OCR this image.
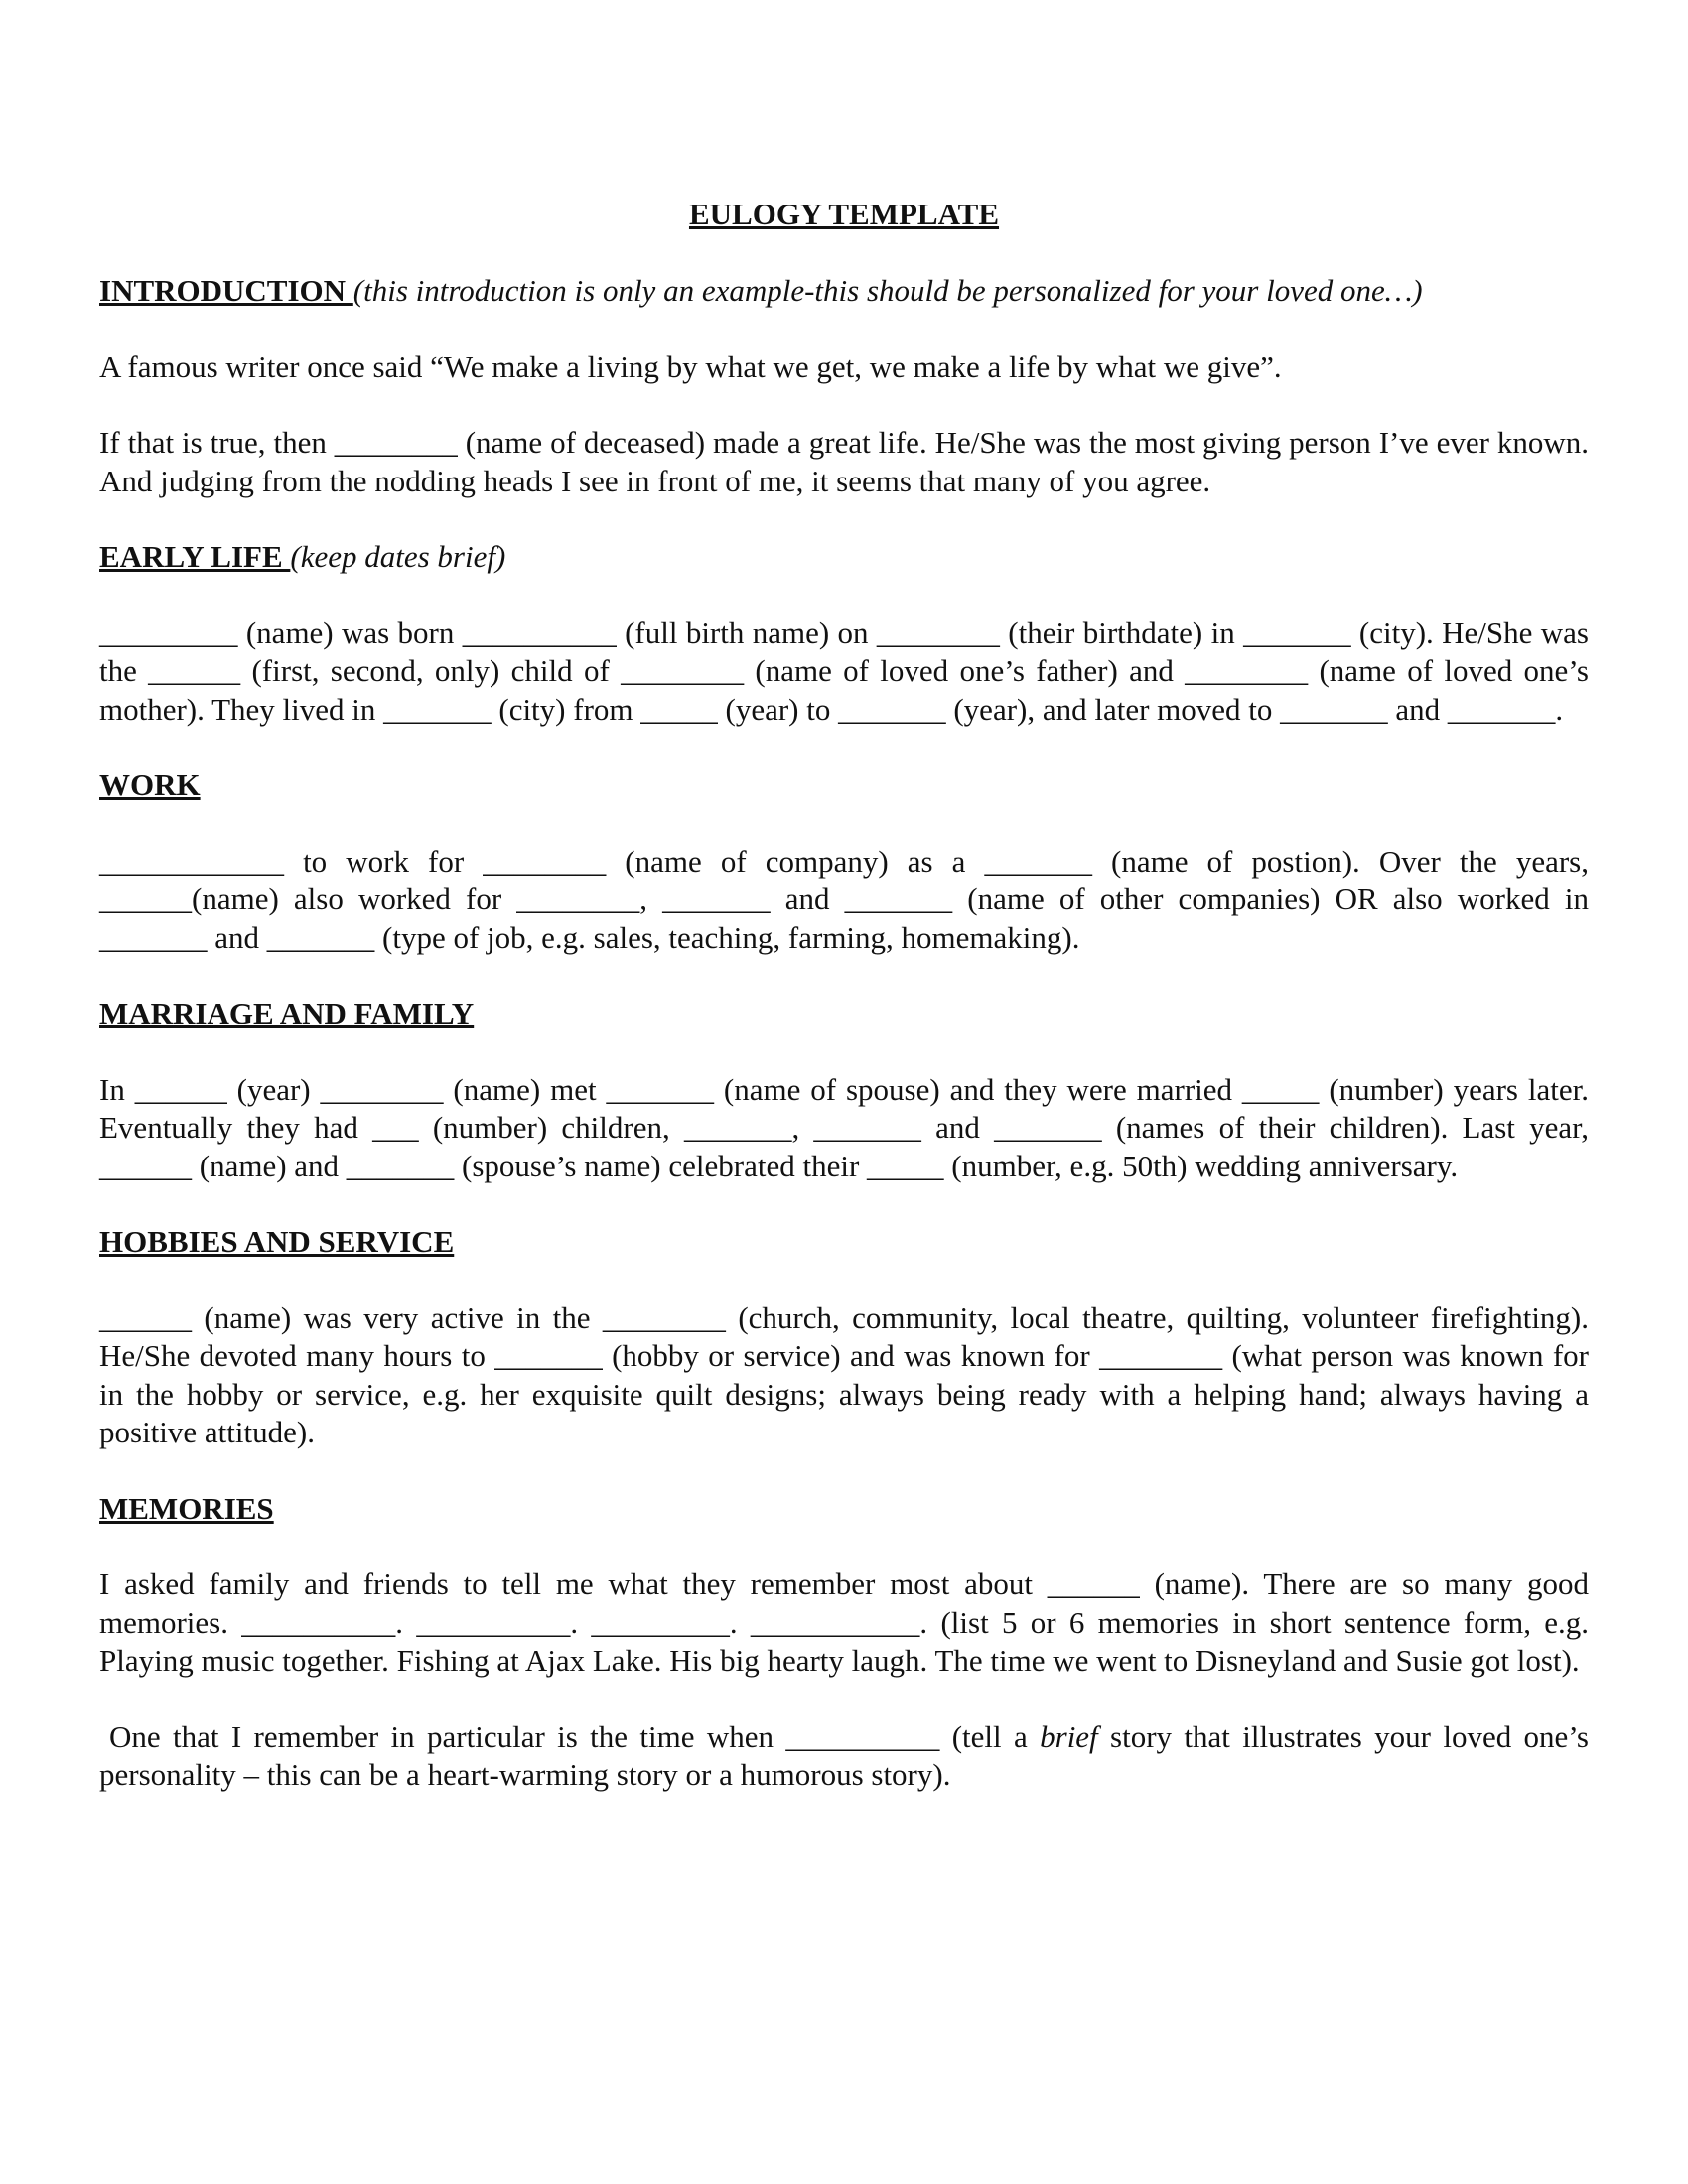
EULOGY TEMPLATE
INTRODUCTION (this introduction is only an example-this should be personalized for your loved one…)
A famous writer once said “We make a living by what we get, we make a life by what we give”.
If that is true, then ________ (name of deceased) made a great life. He/She was the most giving person I’ve ever known. And judging from the nodding heads I see in front of me, it seems that many of you agree.
EARLY LIFE (keep dates brief)
_________ (name) was born __________ (full birth name) on ________ (their birthdate) in _______ (city). He/She was the ______ (first, second, only) child of ________ (name of loved one’s father) and ________ (name of loved one’s mother). They lived in _______ (city) from _____ (year) to _______ (year), and later moved to _______ and _______.
WORK
____________ to work for ________ (name of company) as a _______ (name of postion). Over the years, ______(name) also worked for ________, _______ and _______ (name of other companies) OR also worked in _______ and _______ (type of job, e.g. sales, teaching, farming, homemaking).
MARRIAGE AND FAMILY
In ______ (year) ________ (name) met _______ (name of spouse) and they were married _____ (number) years later. Eventually they had ___ (number) children, _______, _______ and _______ (names of their children). Last year, ______ (name) and _______ (spouse’s name) celebrated their _____ (number, e.g. 50th) wedding anniversary.
HOBBIES AND SERVICE
______ (name) was very active in the ________ (church, community, local theatre, quilting, volunteer firefighting). He/She devoted many hours to _______ (hobby or service) and was known for ________ (what person was known for in the hobby or service, e.g. her exquisite quilt designs; always being ready with a helping hand; always having a positive attitude).
MEMORIES
I asked family and friends to tell me what they remember most about ______ (name). There are so many good memories. __________. __________. _________. ___________. (list 5 or 6 memories in short sentence form, e.g. Playing music together. Fishing at Ajax Lake. His big hearty laugh. The time we went to Disneyland and Susie got lost).
One that I remember in particular is the time when __________ (tell a brief story that illustrates your loved one’s personality – this can be a heart-warming story or a humorous story).
